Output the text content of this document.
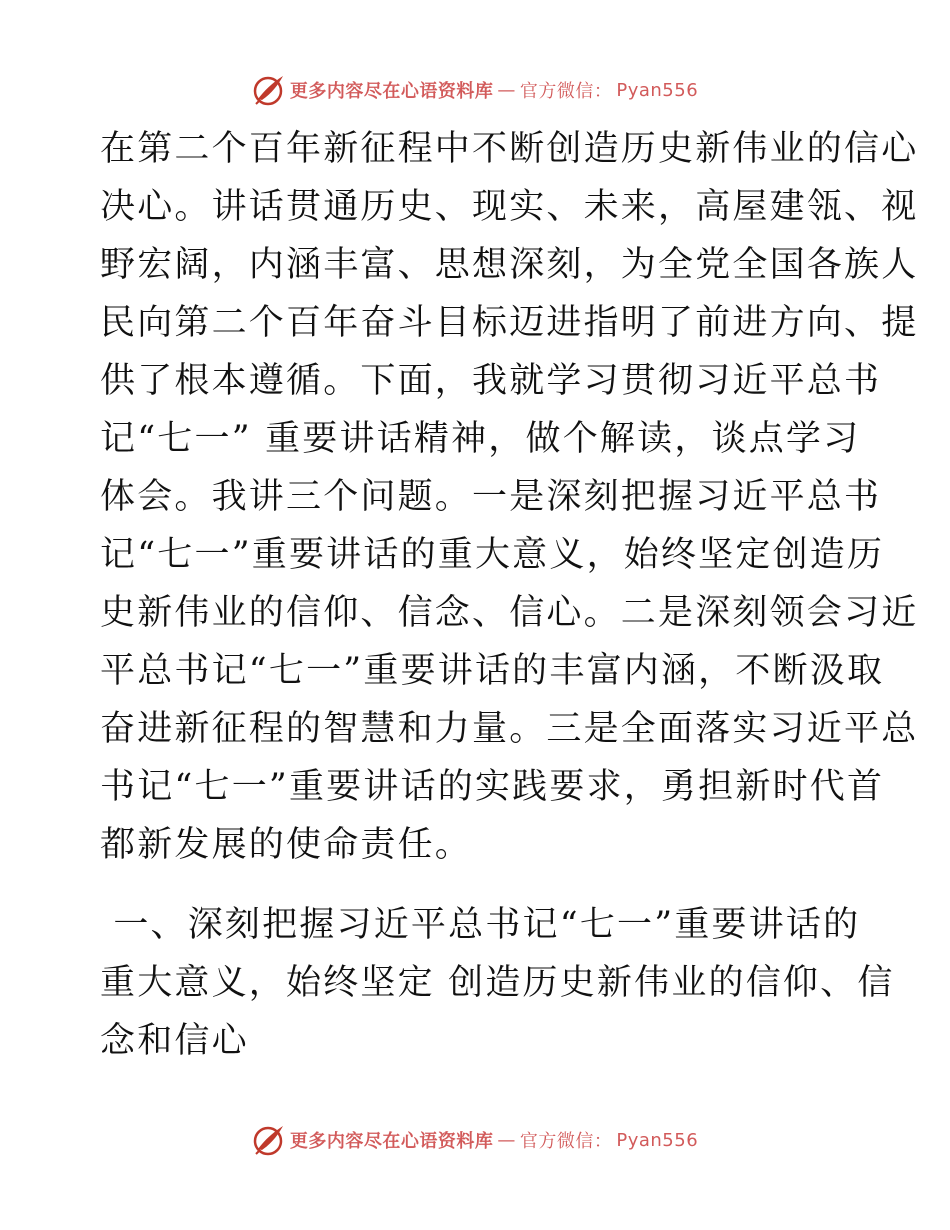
更多内容尽在心语资料库 — 官方微信： Pyan556
在第二个百年新征程中不断创造历史新伟业的信心
决心。讲话贯通历史、现实、未来，高屋建瓴、视
野宏阔，内涵丰富、思想深刻，为全党全国各族人
民向第二个百年奋斗目标迈进指明了前进方向、提
供了根本遵循。下面，我就学习贯彻习近平总书
记“七一” 重要讲话精神，做个解读，谈点学习
体会。我讲三个问题。一是深刻把握习近平总书
记“七一”重要讲话的重大意义，始终坚定创造历
史新伟业的信仰、信念、信心。二是深刻领会习近
平总书记“七一”重要讲话的丰富内涵，不断汲取
奋进新征程的智慧和力量。三是全面落实习近平总
书记“七一”重要讲话的实践要求，勇担新时代首
都新发展的使命责任。
一、深刻把握习近平总书记“七一”重要讲话的
重大意义，始终坚定 创造历史新伟业的信仰、信
念和信心
更多内容尽在心语资料库 — 官方微信： Pyan556
